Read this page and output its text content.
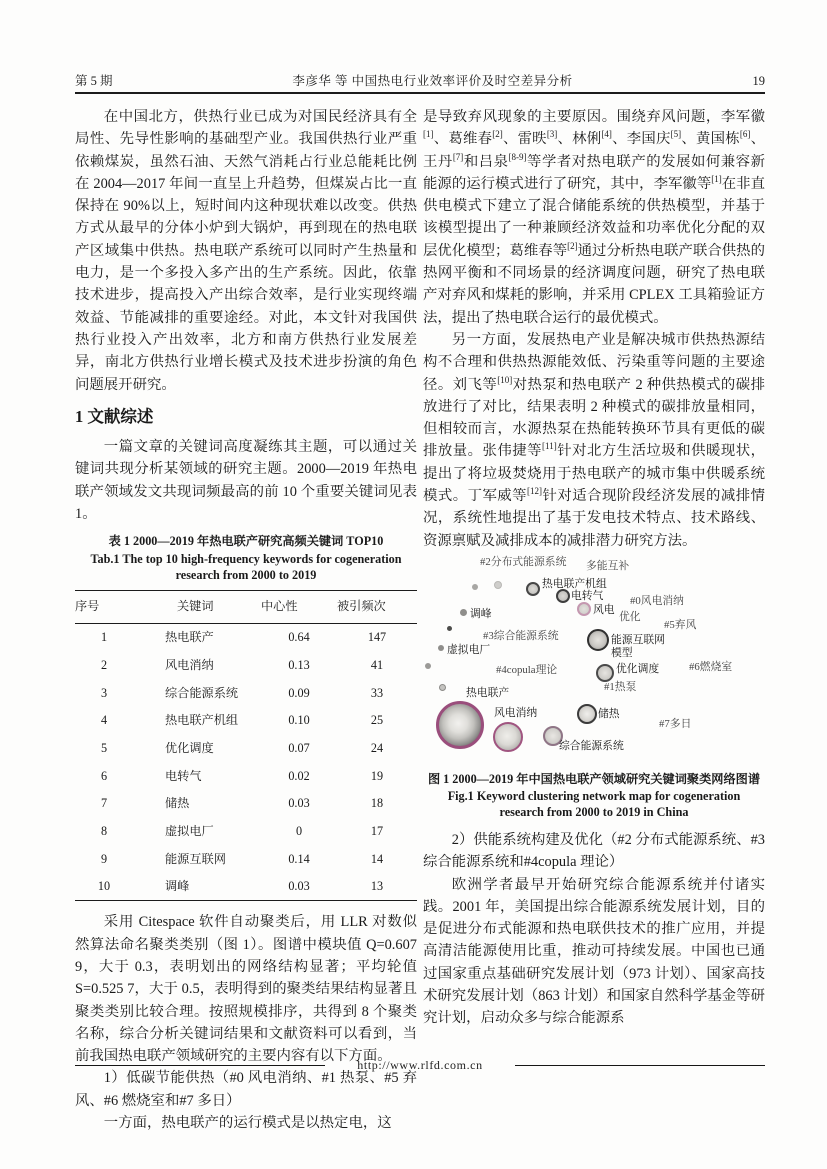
第 5 期	李彦华 等 中国热电行业效率评价及时空差异分析	19

在中国北方，供热行业已成为对国民经济具有全局性、先导性影响的基础型产业。我国供热行业严重依赖煤炭，虽然石油、天然气消耗占行业总能耗比例在 2004—2017 年间一直呈上升趋势，但煤炭占比一直保持在 90%以上，短时间内这种现状难以改变。供热方式从最早的分体小炉到大锅炉，再到现在的热电联产区域集中供热。热电联产系统可以同时产生热量和电力，是一个多投入多产出的生产系统。因此，依靠技术进步，提高投入产出综合效率，是行业实现终端效益、节能减排的重要途经。对此，本文针对我国供热行业投入产出效率，北方和南方供热行业发展差异，南北方供热行业增长模式及技术进步扮演的角色问题展开研究。

1 文献综述

一篇文章的关键词高度凝练其主题，可以通过关键词共现分析某领域的研究主题。2000—2019 年热电联产领域发文共现词频最高的前 10 个重要关键词见表 1。

表 1 2000—2019 年热电联产研究高频关键词 TOP10
Tab.1 The top 10 high-frequency keywords for cogeneration research from 2000 to 2019
序号	关键词	中心性	被引频次
1	热电联产	0.64	147
2	风电消纳	0.13	41
3	综合能源系统	0.09	33
4	热电联产机组	0.10	25
5	优化调度	0.07	24
6	电转气	0.02	19
7	储热	0.03	18
8	虚拟电厂	0	17
9	能源互联网	0.14	14
10	调峰	0.03	13

采用 Citespace 软件自动聚类后，用 LLR 对数似然算法命名聚类类别（图 1）。图谱中模块值 Q=0.607 9，大于 0.3，表明划出的网络结构显著；平均轮值 S=0.525 7，大于 0.5，表明得到的聚类结果结构显著且聚类类别比较合理。按照规模排序，共得到 8 个聚类名称，综合分析关键词结果和文献资料可以看到，当前我国热电联产领域研究的主要内容有以下方面。

1）低碳节能供热（#0 风电消纳、#1 热泵、#5 弃风、#6 燃烧室和#7 多日）

一方面，热电联产的运行模式是以热定电，这

是导致弃风现象的主要原因。围绕弃风问题，李军徽[1]、葛维春[2]、雷昳[3]、林俐[4]、李国庆[5]、黄国栋[6]、王丹[7]和吕泉[8-9]等学者对热电联产的发展如何兼容新能源的运行模式进行了研究，其中，李军徽等[1]在非直供电模式下建立了混合储能系统的供热模型，并基于该模型提出了一种兼顾经济效益和功率优化分配的双层优化模型；葛维春等[2]通过分析热电联产联合供热的热网平衡和不同场景的经济调度问题，研究了热电联产对弃风和煤耗的影响，并采用 CPLEX 工具箱验证方法，提出了热电联合运行的最优模式。

另一方面，发展热电产业是解决城市供热热源结构不合理和供热热源能效低、污染重等问题的主要途径。刘飞等[10]对热泵和热电联产 2 种供热模式的碳排放进行了对比，结果表明 2 种模式的碳排放量相同，但相较而言，水源热泵在热能转换环节具有更低的碳排放量。张伟捷等[11]针对北方生活垃圾和供暖现状，提出了将垃圾焚烧用于热电联产的城市集中供暖系统模式。丁军威等[12]针对适合现阶段经济发展的减排情况，系统性地提出了基于发电技术特点、技术路线、资源禀赋及减排成本的减排潜力研究方法。

#2分布式能源系统 多能互补
热电联产机组
电转气 #0风电消纳
风电
优化
#5弃风
调峰
#3综合能源系统	能源互联网
模型
虚拟电厂
#4copula理论	优化调度	#6燃烧室
#1热泵
热电联产
风电消纳	储热
#7多日
综合能源系统
图 1 2000—2019 年中国热电联产领域研究关键词聚类网络图谱
Fig.1 Keyword clustering network map for cogeneration research from 2000 to 2019 in China

2）供能系统构建及优化（#2 分布式能源系统、#3 综合能源系统和#4copula 理论）

欧洲学者最早开始研究综合能源系统并付诸实践。2001 年，美国提出综合能源系统发展计划，目的是促进分布式能源和热电联供技术的推广应用，并提高清洁能源使用比重，推动可持续发展。中国也已通过国家重点基础研究发展计划（973 计划）、国家高技术研究发展计划（863 计划）和国家自然科学基金等研究计划，启动众多与综合能源系

http://www.rlfd.com.cn
